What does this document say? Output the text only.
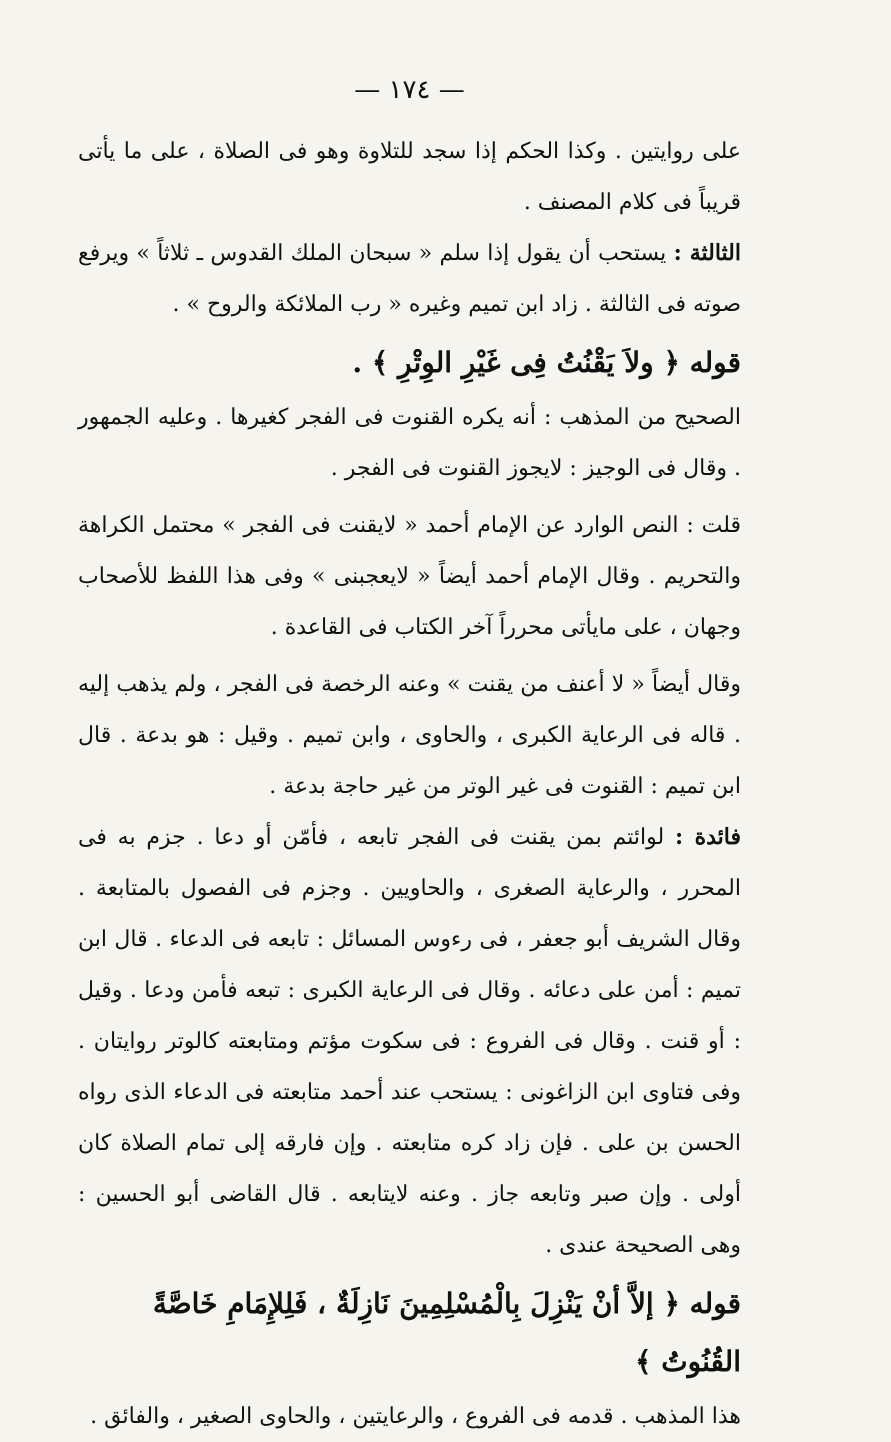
— ١٧٤ —

على روايتين . وكذا الحكم إذا سجد للتلاوة وهو فى الصلاة ، على ما يأتى قريباً فى كلام المصنف .

الثالثة : يستحب أن يقول إذا سلم « سبحان الملك القدوس ـ ثلاثاً » ويرفع صوته فى الثالثة . زاد ابن تميم وغيره « رب الملائكة والروح » .

قوله ﴿ ولاَ يَقْنُتُ فِى غَيْرِ الوِتْرِ ﴾ .

الصحيح من المذهب : أنه يكره القنوت فى الفجر كغيرها . وعليه الجمهور . وقال فى الوجيز : لايجوز القنوت فى الفجر .

قلت : النص الوارد عن الإمام أحمد « لايقنت فى الفجر » محتمل الكراهة والتحريم . وقال الإمام أحمد أيضاً « لايعجبنى » وفى هذا اللفظ للأصحاب وجهان ، على مايأتى محرراً آخر الكتاب فى القاعدة .

وقال أيضاً « لا أعنف من يقنت » وعنه الرخصة فى الفجر ، ولم يذهب إليه . قاله فى الرعاية الكبرى ، والحاوى ، وابن تميم . وقيل : هو بدعة . قال ابن تميم : القنوت فى غير الوتر من غير حاجة بدعة .

فائدة : لوائتم بمن يقنت فى الفجر تابعه ، فأمّن أو دعا . جزم به فى المحرر ، والرعاية الصغرى ، والحاويين . وجزم فى الفصول بالمتابعة . وقال الشريف أبو جعفر ، فى رءوس المسائل : تابعه فى الدعاء . قال ابن تميم : أمن على دعائه . وقال فى الرعاية الكبرى : تبعه فأمن ودعا . وقيل : أو قنت . وقال فى الفروع : فى سكوت مؤتم ومتابعته كالوتر روايتان . وفى فتاوى ابن الزاغونى : يستحب عند أحمد متابعته فى الدعاء الذى رواه الحسن بن على . فإن زاد كره متابعته . وإن فارقه إلى تمام الصلاة كان أولى . وإن صبر وتابعه جاز . وعنه لايتابعه . قال القاضى أبو الحسين : وهى الصحيحة عندى .

قوله ﴿ إلاَّ أنْ يَنْزِلَ بِالْمُسْلِمِينَ نَازِلَةٌ ، فَلِلإِمَامِ خَاصَّةً القُنُوتُ ﴾

هذا المذهب . قدمه فى الفروع ، والرعايتين ، والحاوى الصغير ، والفائق .
